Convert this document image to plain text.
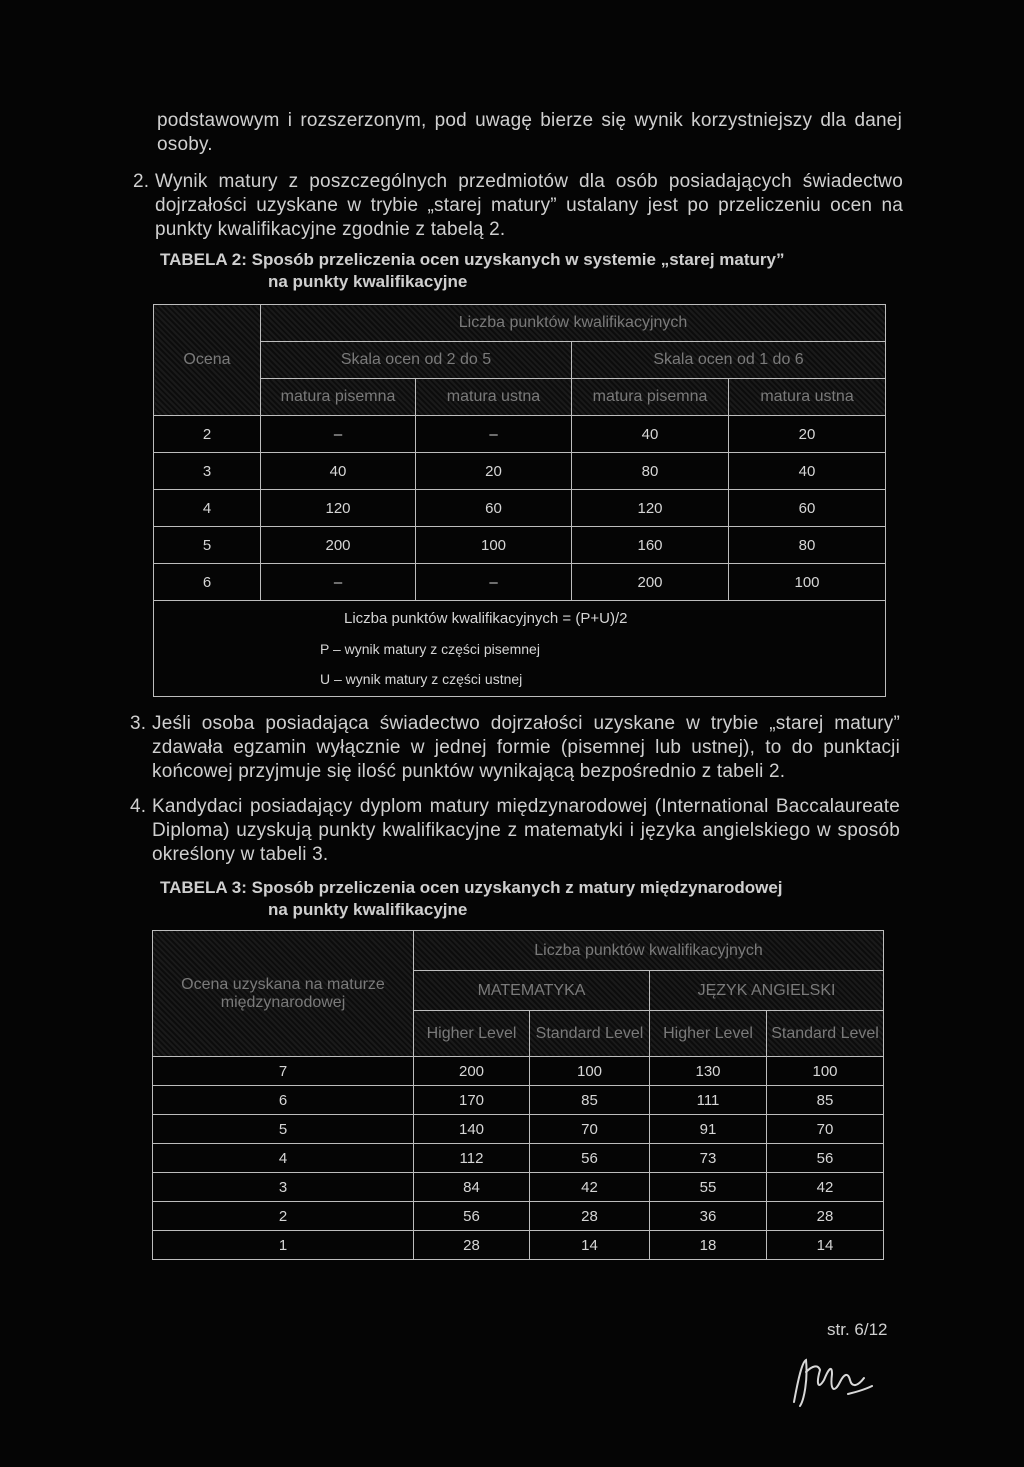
podstawowym i rozszerzonym, pod uwagę bierze się wynik korzystniejszy dla danej osoby.
2. Wynik matury z poszczególnych przedmiotów dla osób posiadających świadectwo dojrzałości uzyskane w trybie „starej matury” ustalany jest po przeliczeniu ocen na punkty kwalifikacyjne zgodnie z tabelą 2.
TABELA 2: Sposób przeliczenia ocen uzyskanych w systemie „starej matury”
na punkty kwalifikacyjne
Ocena	Liczba punktów kwalifikacyjnych			
	Skala ocen od 2 do 5		Skala ocen od 1 do 6	
	matura pisemna	matura ustna	matura pisemna	matura ustna
2	–	–	40	20
3	40	20	80	40
4	120	60	120	60
5	200	100	160	80
6	–	–	200	100

Liczba punktów kwalifikacyjnych = (P+U)/2
P – wynik matury z części pisemnej
U – wynik matury z części ustnej				
3. Jeśli osoba posiadająca świadectwo dojrzałości uzyskane w trybie „starej matury” zdawała egzamin wyłącznie w jednej formie (pisemnej lub ustnej), to do punktacji końcowej przyjmuje się ilość punktów wynikającą bezpośrednio z tabeli 2.
4. Kandydaci posiadający dyplom matury międzynarodowej (International Baccalaureate Diploma) uzyskują punkty kwalifikacyjne z matematyki i języka angielskiego w sposób określony w tabeli 3.
TABELA 3: Sposób przeliczenia ocen uzyskanych z matury międzynarodowej
na punkty kwalifikacyjne
Ocena uzyskana na maturze międzynarodowej	Liczba punktów kwalifikacyjnych			
	MATEMATYKA		JĘZYK ANGIELSKI	
	Higher Level	Standard Level	Higher Level	Standard Level
7	200	100	130	100
6	170	85	111	85
5	140	70	91	70
4	112	56	73	56
3	84	42	55	42
2	56	28	36	28
1	28	14	18	14
str. 6/12
